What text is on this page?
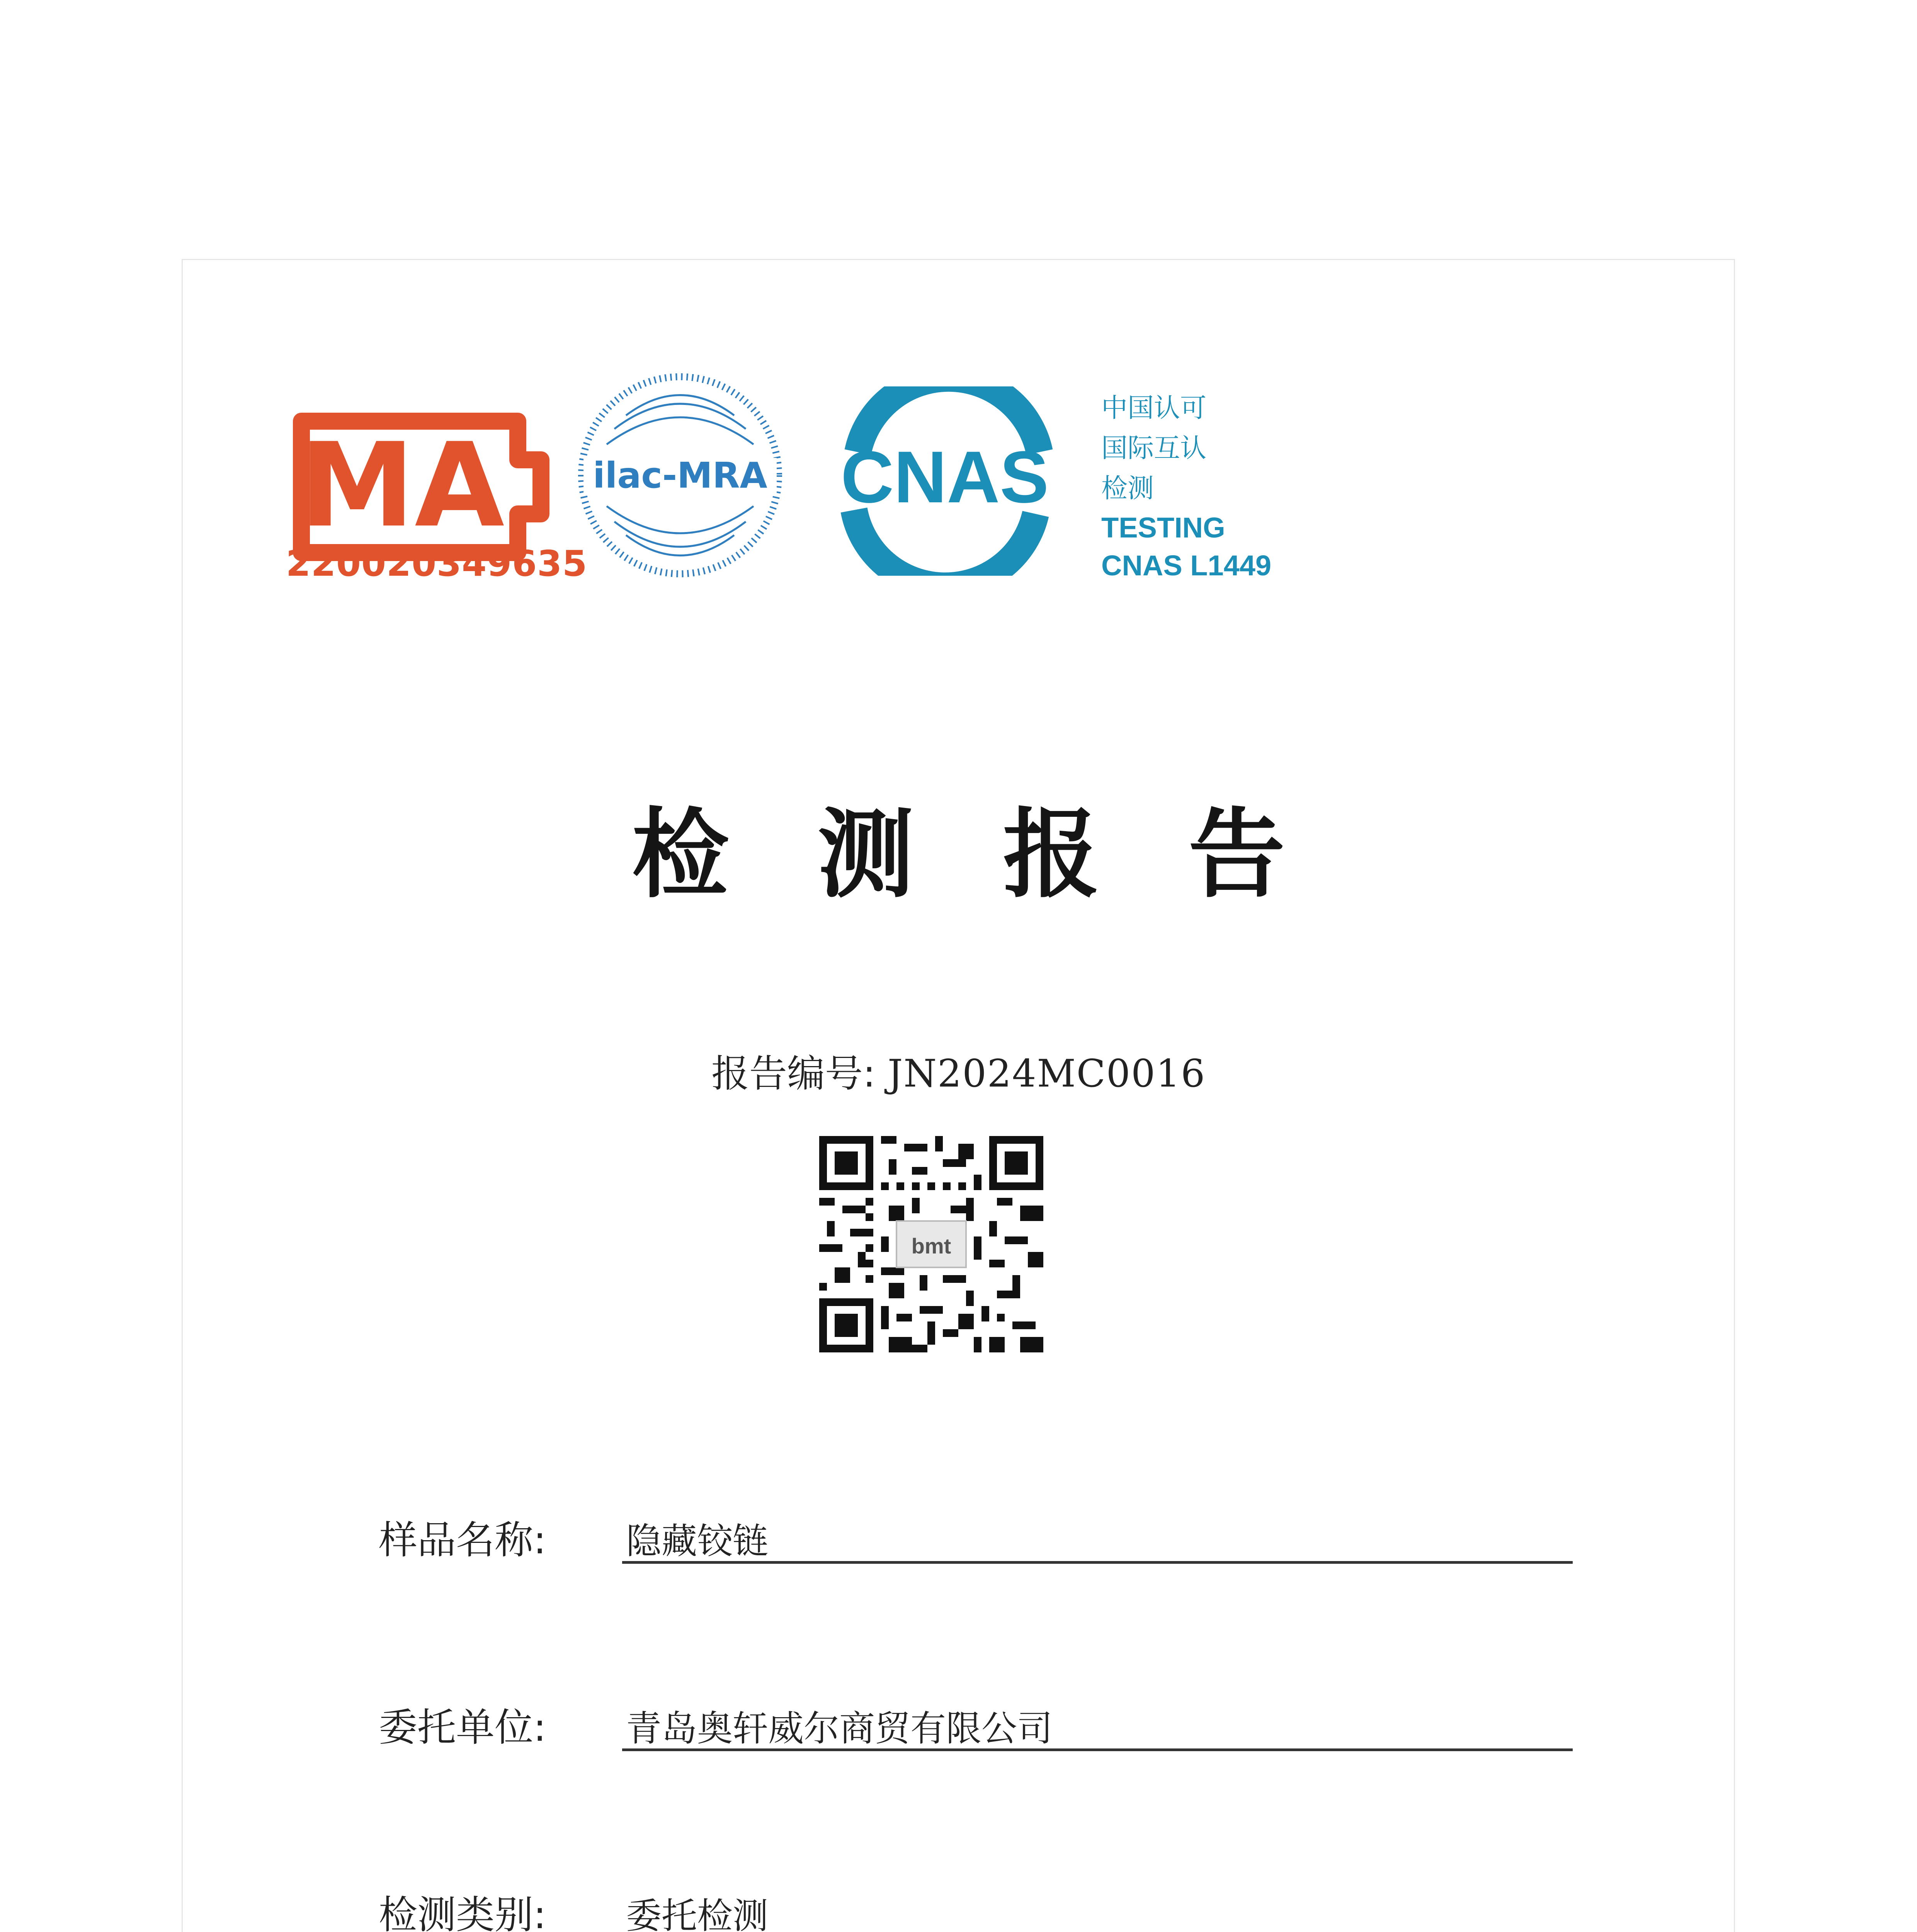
MA
220020349635
ilac-MRA CNAS
中国认可
国际互认
检测
TESTING
CNAS L1449
检测报告
报告编号: JN2024MC0016
bmt
样品名称: 隐藏铰链
委托单位: 青岛奥轩威尔商贸有限公司
检测类别: 委托检测
